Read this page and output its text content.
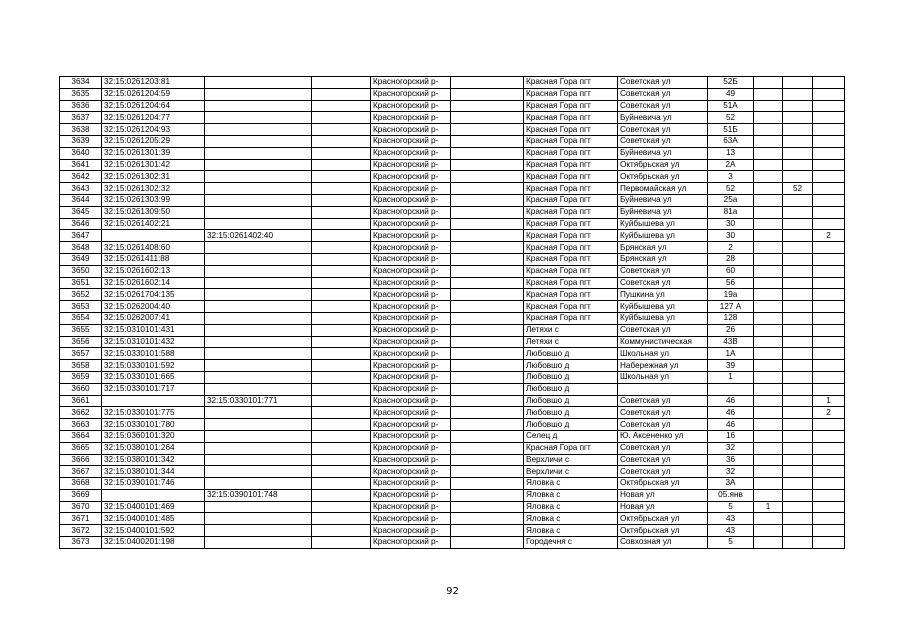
3634	32:15:0261203:81			Красногорский р-		Красная Гора пгт	Советская ул	52Б			
3635	32:15:0261204:59			Красногорский р-		Красная Гора пгт	Советская ул	49			
3636	32:15:0261204:64			Красногорский р-		Красная Гора пгт	Советская ул	51А			
3637	32:15:0261204:77			Красногорский р-		Красная Гора пгт	Буйневича ул	52			
3638	32:15:0261204:93			Красногорский р-		Красная Гора пгт	Советская ул	51Б			
3639	32:15:0261205:29			Красногорский р-		Красная Гора пгт	Советская ул	63А			
3640	32:15:0261301:39			Красногорский р-		Красная Гора пгт	Буйневича ул	13			
3641	32:15:0261301:42			Красногорский р-		Красная Гора пгт	Октябрьская ул	2А			
3642	32:15:0261302:31			Красногорский р-		Красная Гора пгт	Октябрьская ул	3			
3643	32:15:0261302:32			Красногорский р-		Красная Гора пгт	Первомайская ул	52		52	
3644	32:15:0261303:99			Красногорский р-		Красная Гора пгт	Буйневича ул	25а			
3645	32:15:0261309:50			Красногорский р-		Красная Гора пгт	Буйневича ул	81а			
3646	32:15:0261402:21			Красногорский р-		Красная Гора пгт	Куйбышева ул	30			
3647		32:15:0261402:40		Красногорский р-		Красная Гора пгт	Куйбышева ул	30			2
3648	32:15:0261408:60			Красногорский р-		Красная Гора пгт	Брянская ул	2			
3649	32:15:0261411:88			Красногорский р-		Красная Гора пгт	Брянская ул	28			
3650	32:15:0261602:13			Красногорский р-		Красная Гора пгт	Советская ул	60			
3651	32:15:0261602:14			Красногорский р-		Красная Гора пгт	Советская ул	56			
3652	32:15:0261704:135			Красногорский р-		Красная Гора пгт	Пушкина ул	19а			
3653	32:15:0262004:40			Красногорский р-		Красная Гора пгт	Куйбышева ул	127 А			
3654	32:15:0262007:41			Красногорский р-		Красная Гора пгт	Куйбышева ул	128			
3655	32:15:0310101:431			Красногорский р-		Летяхи с	Советская ул	26			
3656	32:15:0310101:432			Красногорский р-		Летяхи с	Коммунистическая	43В			
3657	32:15:0330101:588			Красногорский р-		Любовшо д	Школьная ул	1А			
3658	32:15:0330101:592			Красногорский р-		Любовшо д	Набережная ул	39			
3659	32:15:0330101:665			Красногорский р-		Любовшо д	Школьная ул	1			
3660	32:15:0330101:717			Красногорский р-		Любовшо д					
3661		32:15:0330101:771		Красногорский р-		Любовшо д	Советская ул	46			1
3662	32:15:0330101:775			Красногорский р-		Любовшо д	Советская ул	46			2
3663	32:15:0330101:780			Красногорский р-		Любовшо д	Советская ул	46			
3664	32:15:0360101:320			Красногорский р-		Селец д	Ю. Аксененко ул	16			
3665	32:15:0380101:264			Красногорский р-		Красная Гора пгт	Советская ул	32			
3666	32:15:0380101:342			Красногорский р-		Верхличи с	Советская ул	36			
3667	32:15:0380101:344			Красногорский р-		Верхличи с	Советская ул	32			
3668	32:15:0390101:746			Красногорский р-		Яловка с	Октябрьская ул	3А			
3669		32:15:0390101:748		Красногорский р-		Яловка с	Новая ул	05.янв			
3670	32:15:0400101:469			Красногорский р-		Яловка с	Новая ул	5	1		
3671	32:15:0400101:485			Красногорский р-		Яловка с	Октябрьская ул	43			
3672	32:15:0400101:592			Красногорский р-		Яловка с	Октябрьская ул	43			
3673	32:15:0400201:198			Красногорский р-		Городечня с	Совхозная ул	5			
92
